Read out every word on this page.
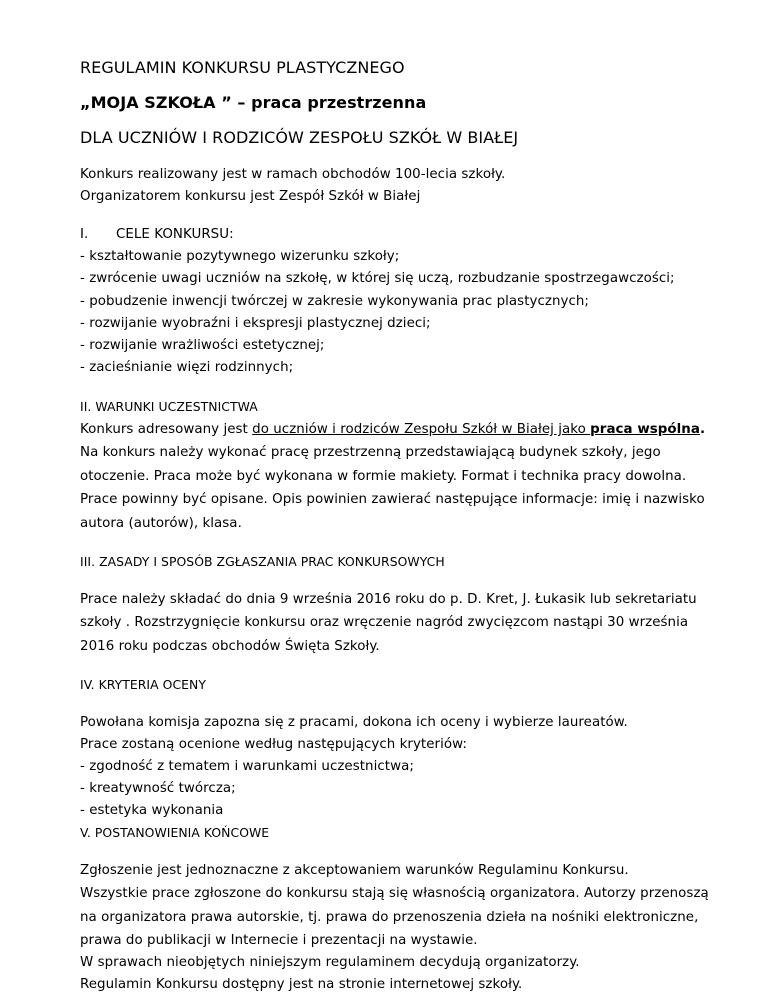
REGULAMIN KONKURSU PLASTYCZNEGO
„MOJA SZKOŁA ” – praca przestrzenna
DLA UCZNIÓW I RODZICÓW ZESPOŁU SZKÓŁ W BIAŁEJ
Konkurs realizowany jest w ramach obchodów 100-lecia szkoły.
Organizatorem konkursu jest Zespół Szkół w Białej
I. CELE KONKURSU:
- kształtowanie pozytywnego wizerunku szkoły;
- zwrócenie uwagi uczniów na szkołę, w której się uczą, rozbudzanie spostrzegawczości;
- pobudzenie inwencji twórczej w zakresie wykonywania prac plastycznych;
- rozwijanie wyobraźni i ekspresji plastycznej dzieci;
- rozwijanie wrażliwości estetycznej;
- zacieśnianie więzi rodzinnych;
II. WARUNKI UCZESTNICTWA
Konkurs adresowany jest do uczniów i rodziców Zespołu Szkół w Białej jako praca wspólna.
Na konkurs należy wykonać pracę przestrzenną przedstawiającą budynek szkoły, jego
otoczenie. Praca może być wykonana w formie makiety. Format i technika pracy dowolna.
Prace powinny być opisane. Opis powinien zawierać następujące informacje: imię i nazwisko
autora (autorów), klasa.
III. ZASADY I SPOSÓB ZGŁASZANIA PRAC KONKURSOWYCH
Prace należy składać do dnia 9 września 2016 roku do p. D. Kret, J. Łukasik lub sekretariatu
szkoły . Rozstrzygnięcie konkursu oraz wręczenie nagród zwycięzcom nastąpi 30 września
2016 roku podczas obchodów Święta Szkoły.
IV. KRYTERIA OCENY
Powołana komisja zapozna się z pracami, dokona ich oceny i wybierze laureatów.
Prace zostaną ocenione według następujących kryteriów:
- zgodność z tematem i warunkami uczestnictwa;
- kreatywność twórcza;
- estetyka wykonania
V. POSTANOWIENIA KOŃCOWE
Zgłoszenie jest jednoznaczne z akceptowaniem warunków Regulaminu Konkursu.
Wszystkie prace zgłoszone do konkursu stają się własnością organizatora. Autorzy przenoszą
na organizatora prawa autorskie, tj. prawa do przenoszenia dzieła na nośniki elektroniczne,
prawa do publikacji w Internecie i prezentacji na wystawie.
W sprawach nieobjętych niniejszym regulaminem decydują organizatorzy.
Regulamin Konkursu dostępny jest na stronie internetowej szkoły.
